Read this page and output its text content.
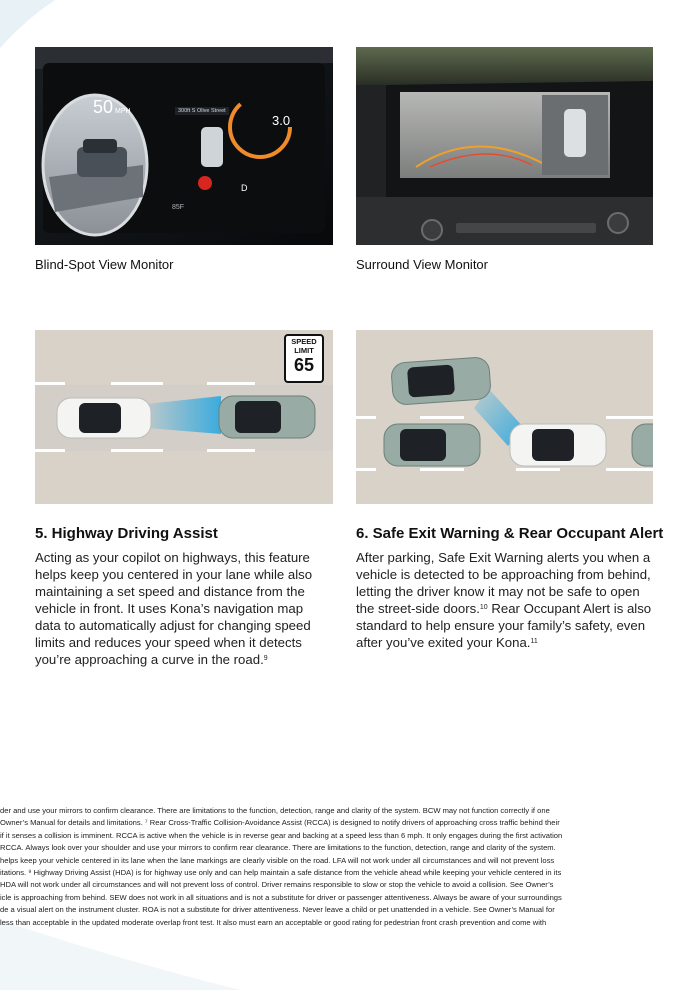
50 MPH	300ft S Olive Street
3.0
D
85F
Blind-Spot View Monitor	Surround View Monitor
SPEED
LIMIT
65
5. Highway Driving Assist
Acting as your copilot on highways, this feature helps keep you centered in your lane while also maintaining a set speed and distance from the vehicle in front. It uses Kona’s navigation map data to automatically adjust for changing speed limits and reduces your speed when it detects you’re approaching a curve in the road.$^9$
6. Safe Exit Warning & Rear Occupant Alert
After parking, Safe Exit Warning alerts you when a vehicle is detected to be approaching from behind, letting the driver know it may not be safe to open the street-side doors.$^{10}$ Rear Occupant Alert is also standard to help ensure your family’s safety, even after you’ve exited your Kona.$^{11}$
der and use your mirrors to confirm clearance. There are limitations to the function, detection, range and clarity of the system. BCW may not function correctly if one
Owner’s Manual for details and limitations. ⁷ Rear Cross-Traffic Collision-Avoidance Assist (RCCA) is designed to notify drivers of approaching cross traffic behind their
if it senses a collision is imminent. RCCA is active when the vehicle is in reverse gear and backing at a speed less than 6 mph. It only engages during the first activation
RCCA. Always look over your shoulder and use your mirrors to confirm rear clearance. There are limitations to the function, detection, range and clarity of the system.
helps keep your vehicle centered in its lane when the lane markings are clearly visible on the road. LFA will not work under all circumstances and will not prevent loss
itations. ⁹ Highway Driving Assist (HDA) is for highway use only and can help maintain a safe distance from the vehicle ahead while keeping your vehicle centered in its
HDA will not work under all circumstances and will not prevent loss of control. Driver remains responsible to slow or stop the vehicle to avoid a collision. See Owner’s
icle is approaching from behind. SEW does not work in all situations and is not a substitute for driver or passenger attentiveness. Always be aware of your surroundings
de a visual alert on the instrument cluster. ROA is not a substitute for driver attentiveness. Never leave a child or pet unattended in a vehicle. See Owner’s Manual for
less than acceptable in the updated moderate overlap front test. It also must earn an acceptable or good rating for pedestrian front crash prevention and come with
